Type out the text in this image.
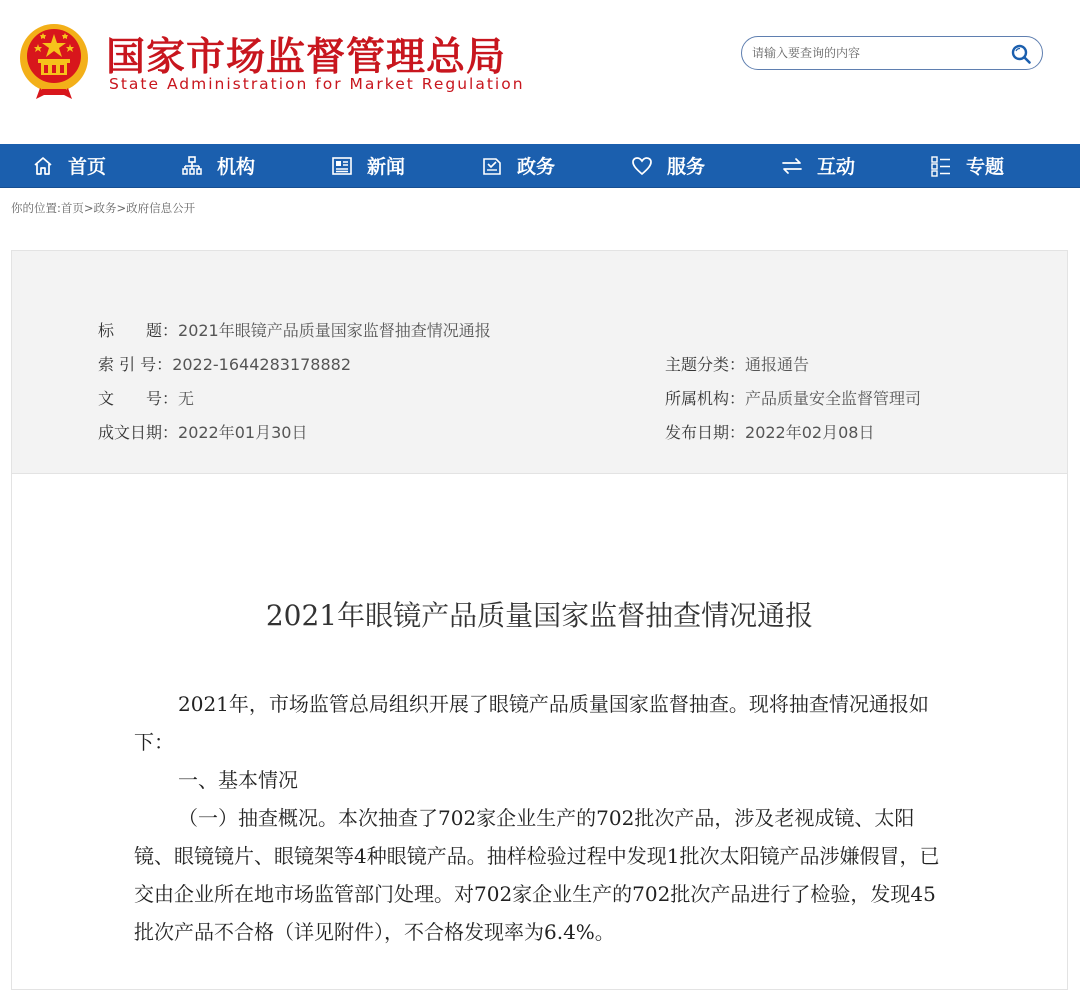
国家市场监督管理总局
State Administration for Market Regulation
请输入要查询的内容
首页	机构	新闻	政务	服务	互动	专题
你的位置:首页>政务>政府信息公开
标　　题：2021年眼镜产品质量国家监督抽查情况通报
索 引 号：2022-1644283178882	主题分类：通报通告
文　　号：无	所属机构：产品质量安全监督管理司
成文日期：2022年01月30日	发布日期：2022年02月08日
2021年眼镜产品质量国家监督抽查情况通报

2021年，市场监管总局组织开展了眼镜产品质量国家监督抽查。现将抽查情况通报如下：

一、基本情况

（一）抽查概况。本次抽查了702家企业生产的702批次产品，涉及老视成镜、太阳镜、眼镜镜片、眼镜架等4种眼镜产品。抽样检验过程中发现1批次太阳镜产品涉嫌假冒，已交由企业所在地市场监管部门处理。对702家企业生产的702批次产品进行了检验，发现45批次产品不合格（详见附件），不合格发现率为6.4%。
